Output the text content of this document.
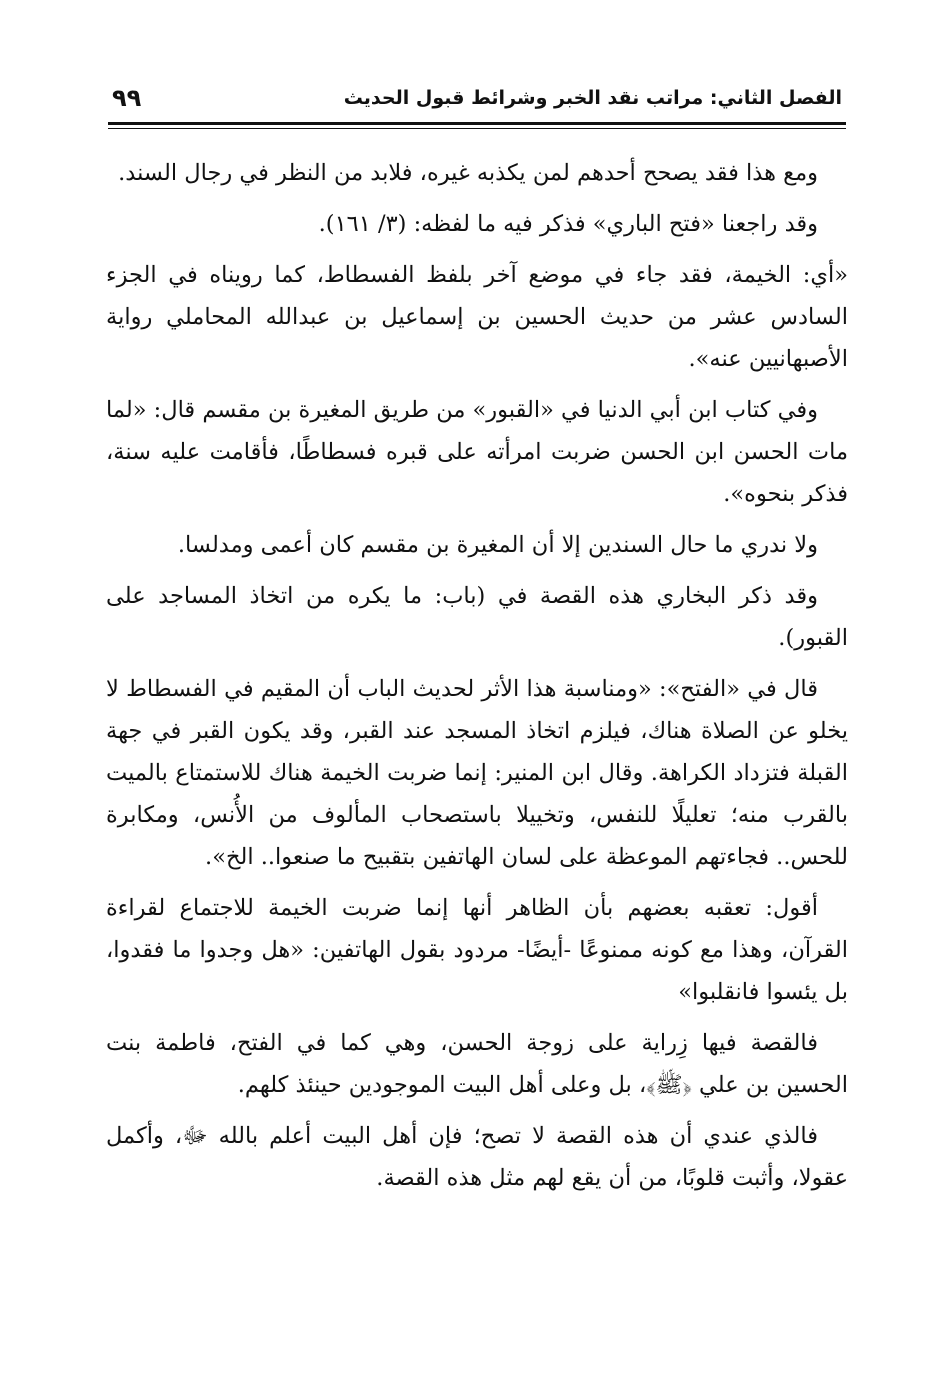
الفصل الثاني: مراتب نقد الخبر وشرائط قبول الحديث
٩٩

ومع هذا فقد يصحح أحدهم لمن يكذبه غيره، فلابد من النظر في رجال السند.

وقد راجعنا «فتح الباري» فذكر فيه ما لفظه: (٣/ ١٦١).

«أي: الخيمة، فقد جاء في موضع آخر بلفظ الفسطاط، كما رويناه في الجزء السادس عشر من حديث الحسين بن إسماعيل بن عبدالله المحاملي رواية الأصبهانيين عنه».

وفي كتاب ابن أبي الدنيا في «القبور» من طريق المغيرة بن مقسم قال: «لما مات الحسن ابن الحسن ضربت امرأته على قبره فسطاطًا، فأقامت عليه سنة، فذكر بنحوه».

ولا ندري ما حال السندين إلا أن المغيرة بن مقسم كان أعمى ومدلسا.

وقد ذكر البخاري هذه القصة في (باب: ما يكره من اتخاذ المساجد على القبور).

قال في «الفتح»: «ومناسبة هذا الأثر لحديث الباب أن المقيم في الفسطاط لا يخلو عن الصلاة هناك، فيلزم اتخاذ المسجد عند القبر، وقد يكون القبر في جهة القبلة فتزداد الكراهة. وقال ابن المنير: إنما ضربت الخيمة هناك للاستمتاع بالميت بالقرب منه؛ تعليلًا للنفس، وتخييلا باستصحاب المألوف من الأُنس، ومكابرة للحس.. فجاءتهم الموعظة على لسان الهاتفين بتقبيح ما صنعوا.. الخ».

أقول: تعقبه بعضهم بأن الظاهر أنها إنما ضربت الخيمة للاجتماع لقراءة القرآن، وهذا مع كونه ممنوعًا -أيضًا- مردود بقول الهاتفين: «هل وجدوا ما فقدوا، بل يئسوا فانقلبوا»

فالقصة فيها زِراية على زوجة الحسن، وهي كما في الفتح، فاطمة بنت الحسين بن علي ﴿ﷺ﴾، بل وعلى أهل البيت الموجودين حينئذ كلهم.

فالذي عندي أن هذه القصة لا تصح؛ فإن أهل البيت أعلم بالله ﷻ، وأكمل عقولا، وأثبت قلوبًا، من أن يقع لهم مثل هذه القصة.
